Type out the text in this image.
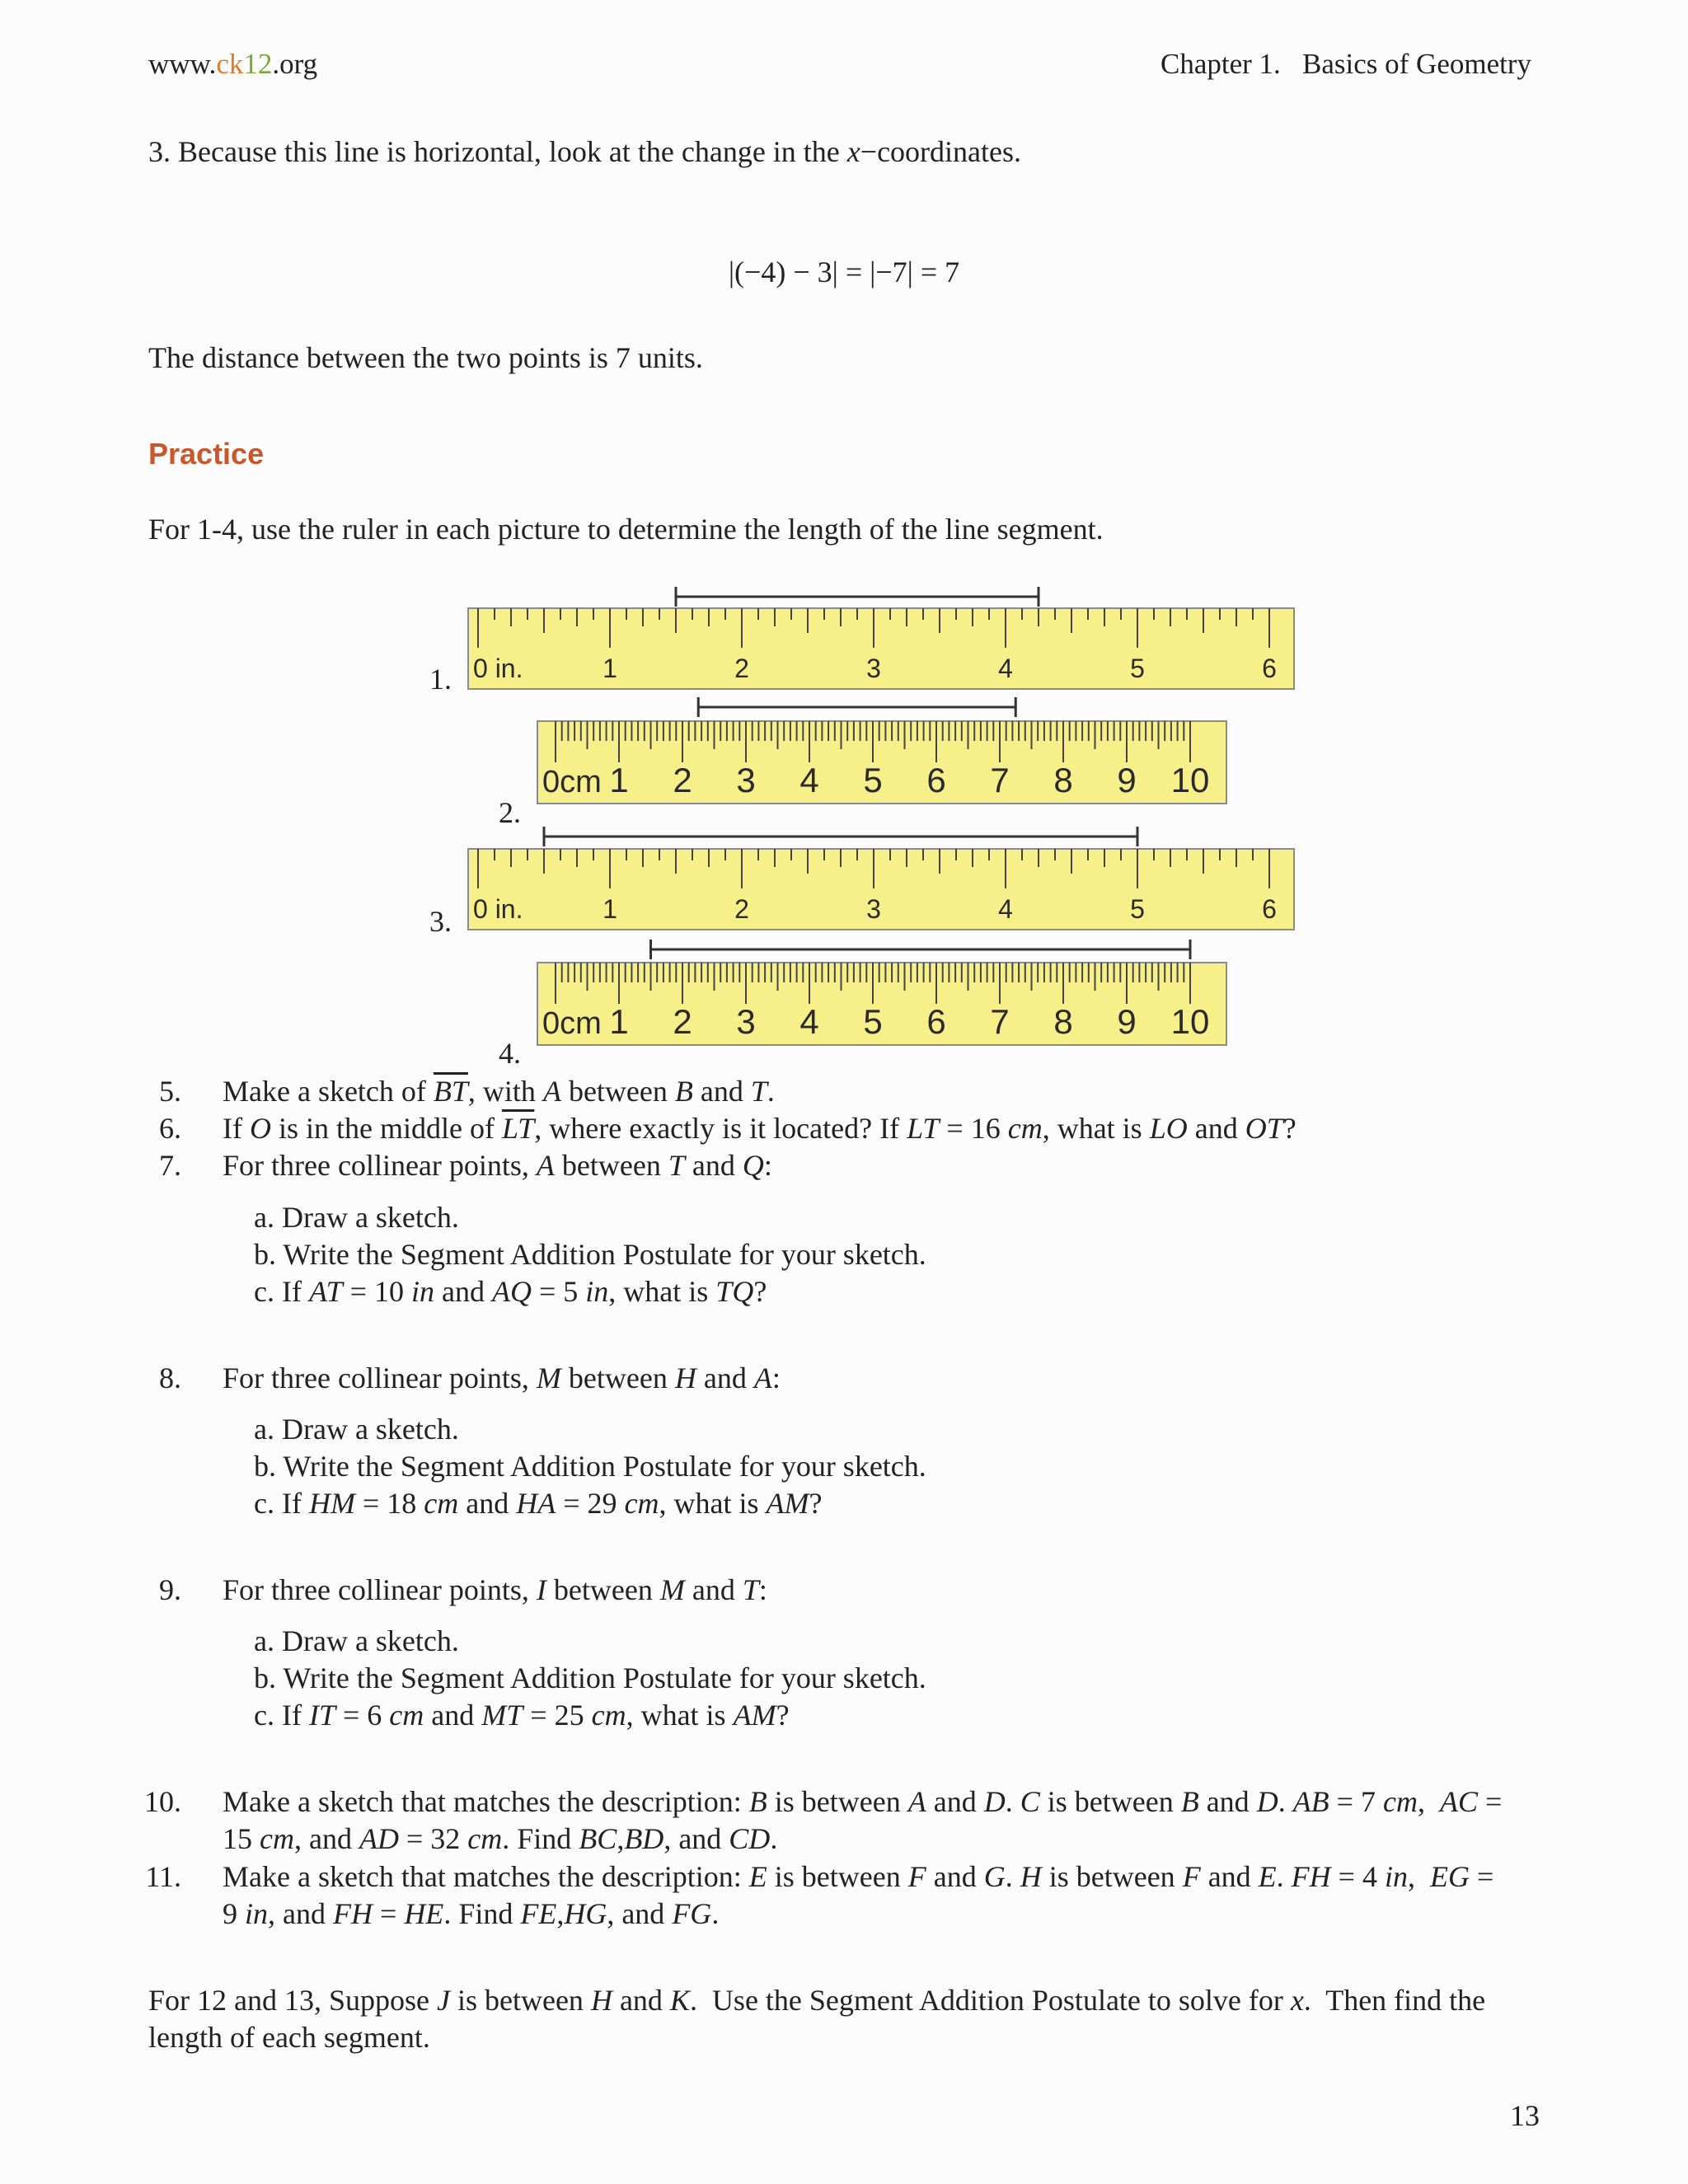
www.ck12.org	Chapter 1.   Basics of Geometry
3. Because this line is horizontal, look at the change in the x−coordinates.
|(−4) − 3| = |−7| = 7
The distance between the two points is 7 units.
Practice
For 1-4, use the ruler in each picture to determine the length of the line segment.
0 in.	1	2	3	4	5	6
1.
0cm 1 2 3 4 5 6 7 8 9 10
2.
0 in.	1	2	3	4	5	6
3.
0cm 1 2 3 4 5 6 7 8 9 10
4.
5. Make a sketch of $\overline{BT}$, with A between B and T.
6. If O is in the middle of $\overline{LT}$, where exactly is it located? If LT = 16 cm, what is LO and OT?
7. For three collinear points, A between T and Q:
a. Draw a sketch.
b. Write the Segment Addition Postulate for your sketch.
c. If AT = 10 in and AQ = 5 in, what is TQ?
8. For three collinear points, M between H and A:
a. Draw a sketch.
b. Write the Segment Addition Postulate for your sketch.
c. If HM = 18 cm and HA = 29 cm, what is AM?
9. For three collinear points, I between M and T:
a. Draw a sketch.
b. Write the Segment Addition Postulate for your sketch.
c. If IT = 6 cm and MT = 25 cm, what is AM?
10. Make a sketch that matches the description: B is between A and D. C is between B and D. AB = 7 cm,  AC =
15 cm, and AD = 32 cm. Find BC,BD, and CD.
11. Make a sketch that matches the description: E is between F and G. H is between F and E. FH = 4 in,  EG =
9 in, and FH = HE. Find FE,HG, and FG.
For 12 and 13, Suppose J is between H and K.  Use the Segment Addition Postulate to solve for x.  Then find the
length of each segment.
13
